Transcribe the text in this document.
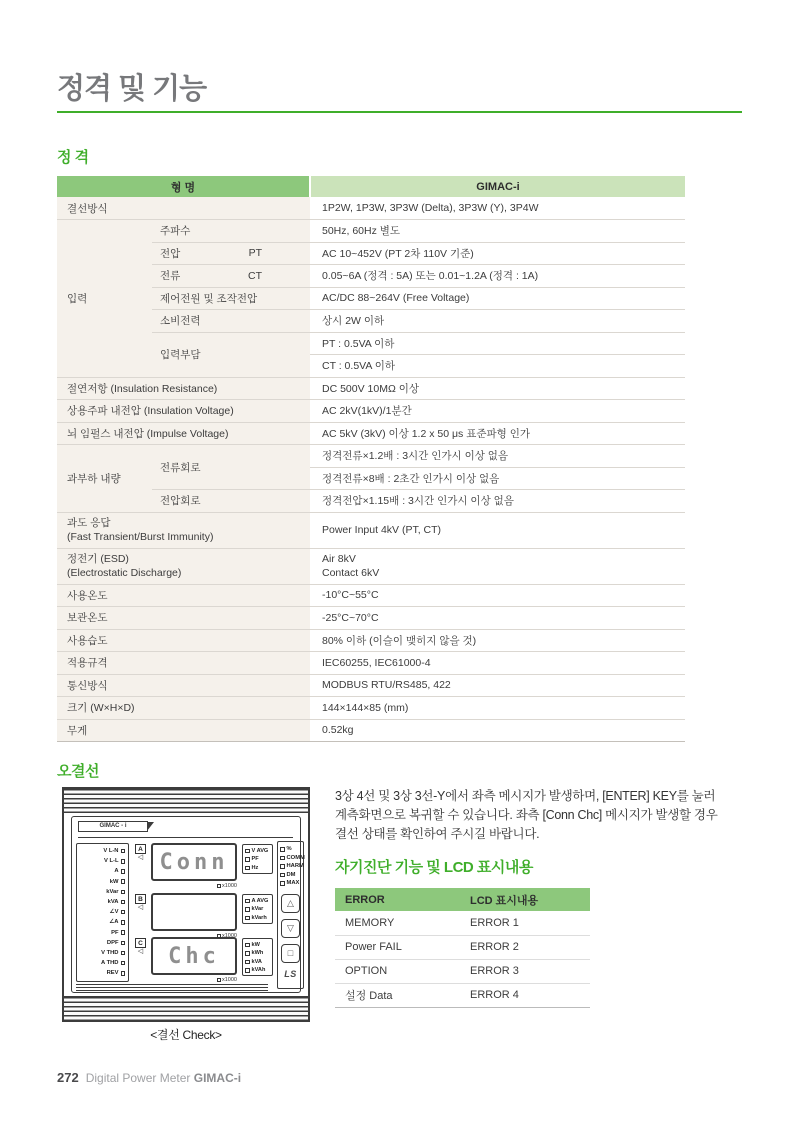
정격 및 기능
정 격
형 명		GIMAC-i
결선방식		1P2W, 1P3W, 3P3W (Delta), 3P3W (Y), 3P4W
입력	주파수	50Hz, 60Hz 별도

	전압 PT	AC 10~452V (PT 2차 110V 기준)

	전류 CT	0.05~6A (정격 : 5A) 또는 0.01~1.2A (정격 : 1A)
	제어전원 및 조작전압	AC/DC 88~264V (Free Voltage)
	소비전력	상시 2W 이하
	입력부담	PT : 0.5VA 이하
		CT : 0.5VA 이하
절연저항 (Insulation Resistance)		DC 500V 10MΩ 이상
상용주파 내전압 (Insulation Voltage)		AC 2kV(1kV)/1분간
뇌 임펄스 내전압 (Impulse Voltage)		AC 5kV (3kV) 이상 1.2 x 50 μs 표준파형 인가
과부하 내량	전류회로	정격전류×1.2배 : 3시간 인가시 이상 없음
		정격전류×8배 : 2초간 인가시 이상 없음
	전압회로	정격전압×1.15배 : 3시간 인가시 이상 없음

과도 응답
(Fast Transient/Burst Immunity)		Power Input 4kV (PT, CT)

정전기 (ESD)
(Electrostatic Discharge)		Air 8kV
Contact 6kV

사용온도		-10°C~55°C
보관온도		-25°C~70°C
사용습도		80% 이하 (이슬이 맺히지 않을 것)
적용규격		IEC60255, IEC61000-4
통신방식		MODBUS RTU/RS485, 422
크기 (W×H×D)		144×144×85 (mm)
무게		0.52kg
오결선
GIMAC - i
V L-N
V L-L
A
kW
kVar
kVA
∠V
∠A
PF
DPF
V THD
A THD
REV
A
◁
B
◁
C
◁
Conn
Chc
x1000
x1000
x1000
V AVG
PF
Hz
A AVG
kVar
kVarh
kW
kWh
kVA
kVAh
%
COMM
HARM
DM
MAX
△
▽
□
LS
<결선 Check>
3상 4선 및 3상 3선-Y에서 좌측 메시지가 발생하며, [ENTER] KEY를 눌러
계측화면으로 복귀할 수 있습니다. 좌측 [Conn Chc] 메시지가 발생할 경우
결선 상태를 확인하여 주시길 바랍니다.
자기진단 기능 및 LCD 표시내용
ERROR	LCD 표시내용
MEMORY	ERROR 1
Power FAIL	ERROR 2
OPTION	ERROR 3
설정 Data	ERROR 4
272 Digital Power Meter GIMAC-i
